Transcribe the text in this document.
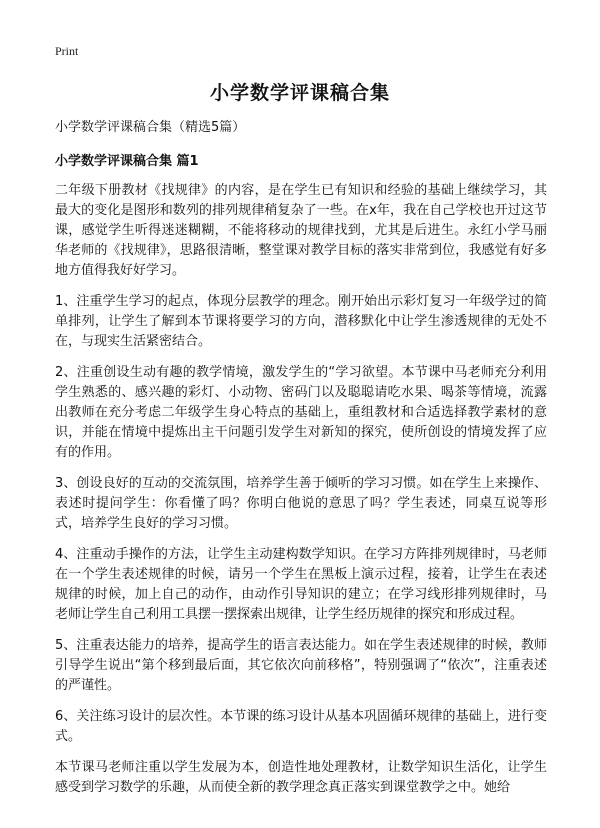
Print
小学数学评课稿合集
小学数学评课稿合集（精选5篇）
小学数学评课稿合集 篇1

二年级下册教材《找规律》的内容，是在学生已有知识和经验的基础上继续学习，其最大的变化是图形和数列的排列规律稍复杂了一些。在x年，我在自己学校也开过这节课，感觉学生听得迷迷糊糊，不能将移动的规律找到，尤其是后进生。永红小学马丽华老师的《找规律》，思路很清晰，整堂课对教学目标的落实非常到位，我感觉有好多地方值得我好好学习。

1、注重学生学习的起点，体现分层教学的理念。刚开始出示彩灯复习一年级学过的简单排列，让学生了解到本节课将要学习的方向，潜移默化中让学生渗透规律的无处不在，与现实生活紧密结合。

2、注重创设生动有趣的教学情境，激发学生的“学习欲望。本节课中马老师充分利用学生熟悉的、感兴趣的彩灯、小动物、密码门以及聪聪请吃水果、喝茶等情境，流露出教师在充分考虑二年级学生身心特点的基础上，重组教材和合适选择教学素材的意识，并能在情境中提炼出主干问题引发学生对新知的探究，使所创设的情境发挥了应有的作用。

3、创设良好的互动的交流氛围，培养学生善于倾听的学习习惯。如在学生上来操作、表述时提问学生：你看懂了吗？你明白他说的意思了吗？学生表述，同桌互说等形式，培养学生良好的学习习惯。

4、注重动手操作的方法，让学生主动建构数学知识。在学习方阵排列规律时，马老师在一个学生表述规律的时候，请另一个学生在黑板上演示过程，接着，让学生在表述规律的时候，加上自己的动作，由动作引导知识的建立；在学习线形排列规律时，马老师让学生自己利用工具摆一摆探索出规律，让学生经历规律的探究和形成过程。

5、注重表达能力的培养，提高学生的语言表达能力。如在学生表述规律的时候，教师引导学生说出“第个移到最后面，其它依次向前移格”，特别强调了“依次”，注重表述的严谨性。

6、关注练习设计的层次性。本节课的练习设计从基本巩固循环规律的基础上，进行变式。

本节课马老师注重以学生发展为本，创造性地处理教材，让数学知识生活化，让学生感受到学习数学的乐趣，从而使全新的教学理念真正落实到课堂教学之中。她给
